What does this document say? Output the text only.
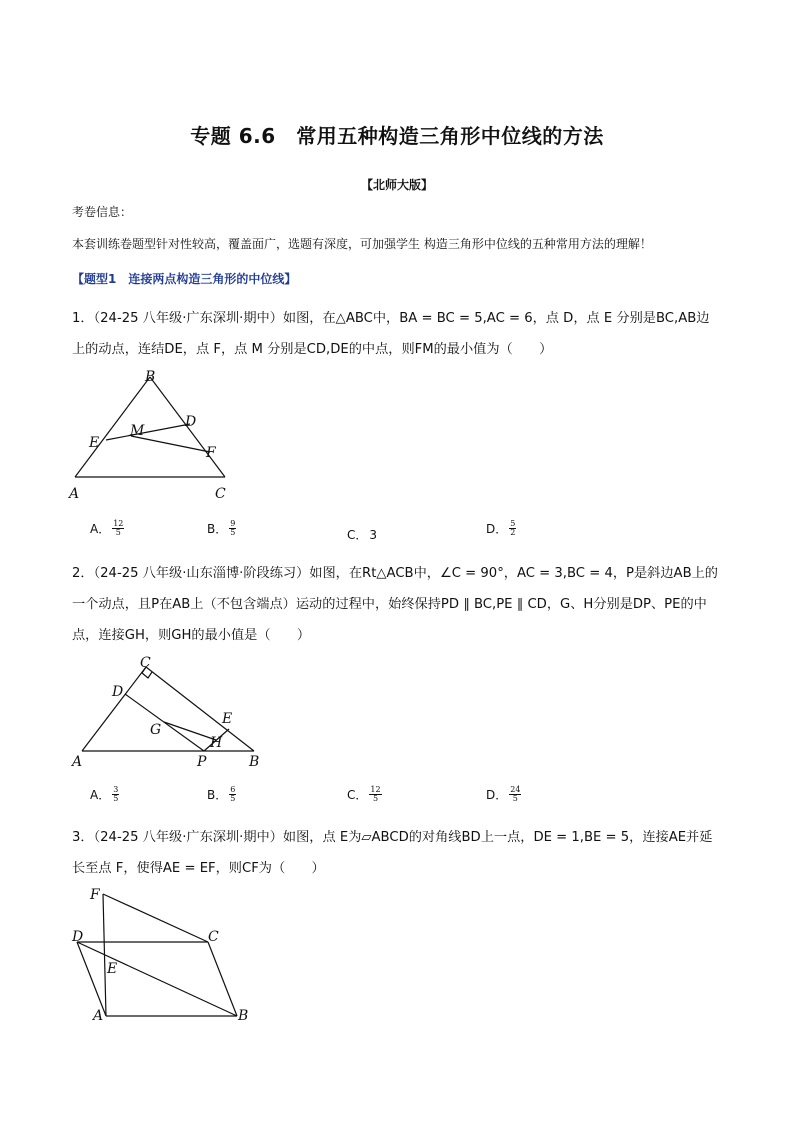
专题 6.6　常用五种构造三角形中位线的方法
【北师大版】
考卷信息：
本套训练卷题型针对性较高，覆盖面广，选题有深度，可加强学生 构造三角形中位线的五种常用方法的理解！
【题型1　连接两点构造三角形的中位线】
1．（24-25 八年级·广东深圳·期中）如图，在△ABC中，BA = BC = 5,AC = 6，点 D，点 E 分别是BC,AB边
上的动点，连结DE，点 F，点 M 分别是CD,DE的中点，则FM的最小值为（　　）
B
D
M
E
F
A	C
A． $\frac{12}{5}$	B． $\frac{9}{5}$	C． 3	D． $\frac{5}{2}$
2．（24-25 八年级·山东淄博·阶段练习）如图，在Rt△ACB中，∠C = 90°，AC = 3,BC = 4，P是斜边AB上的
一个动点，且P在AB上（不包含端点）运动的过程中，始终保持PD ∥ BC,PE ∥ CD，G、H分别是DP、PE的中
点，连接GH，则GH的最小值是（　　）
C
D
E
G
H
A	P	B
A． $\frac{3}{5}$	B． $\frac{6}{5}$	C． $\frac{12}{5}$	D． $\frac{24}{5}$
3．（24-25 八年级·广东深圳·期中）如图，点 E为▱ABCD的对角线BD上一点，DE = 1,BE = 5，连接AE并延
长至点 F，使得AE = EF，则CF为（　　）
F
D	C
E
A	B
